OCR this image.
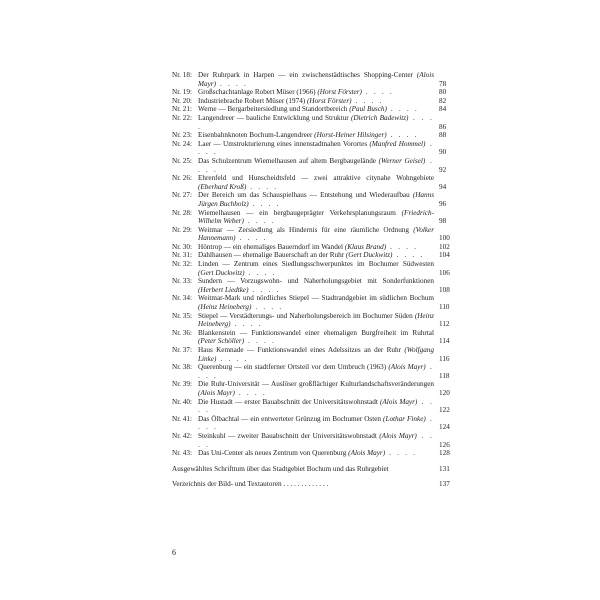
Nr. 18: Der Ruhrpark in Harpen — ein zwischenstädtisches Shopping-Center (Alois Mayr) . . . .	78
Nr. 19: Großschachtanlage Robert Müser (1966) (Horst Förster) . . . .	80
Nr. 20: Industriebrache Robert Müser (1974) (Horst Förster) . . . .	82
Nr. 21: Werne — Bergarbeitersiedlung und Standortbereich (Paul Busch) . . . .	84
Nr. 22: Langendreer — bauliche Entwicklung und Struktur (Dietrich Badewitz) . . . .	86
Nr. 23: Eisenbahnknoten Bochum-Langendreer (Horst-Heiner Hilsinger) . . . .	88
Nr. 24: Laer — Umstrukturierung eines innenstadtnahen Vorortes (Manfred Hommel) . . . .	90
Nr. 25: Das Schulzentrum Wiemelhausen auf altem Bergbaugelände (Werner Geisel) . . . .	92
Nr. 26: Ehrenfeld und Hunscheidtsfeld — zwei attraktive citynahe Wohngebiete (Eberhard Kroß) . . . .	94
Nr. 27: Der Bereich um das Schauspielhaus — Entstehung und Wiederaufbau (Hanns Jürgen Buchholz) . . . .	96
Nr. 28: Wiemelhausen — ein bergbaugeprägter Verkehrsplanungsraum (Friedrich-Wilhelm Weber) . . . .	98
Nr. 29: Weitmar — Zersiedlung als Hindernis für eine räumliche Ordnung (Volker Hannemann) . . . .	100
Nr. 30: Höntrop — ein ehemaliges Bauerndorf im Wandel (Klaus Brand) . . . .	102
Nr. 31: Dahlhausen — ehemalige Bauerschaft an der Ruhr (Gert Duckwitz) . . . .	104
Nr. 32: Linden — Zentrum eines Siedlungsschwerpunktes im Bochumer Südwesten (Gert Duckwitz) . . . .	106
Nr. 33: Sundern — Vorzugswohn- und Naherholungsgebiet mit Sonderfunktionen (Herbert Liedtke) . . . .	108
Nr. 34: Weitmar-Mark und nördliches Stiepel — Stadtrandgebiet im südlichen Bochum (Heinz Heineberg) . . . .	110
Nr. 35: Stiepel — Verstädterungs- und Naherholungsbereich im Bochumer Süden (Heinz Heineberg) . . . .	112
Nr. 36: Blankenstein — Funktionswandel einer ehemaligen Burgfreiheit im Ruhrtal (Peter Schöller) . . . .	114
Nr. 37: Haus Kemnade — Funktionswandel eines Adelssitzes an der Ruhr (Wolfgang Linke) . . . .	116
Nr. 38: Querenburg — ein stadtferner Ortsteil vor dem Umbruch (1963) (Alois Mayr) . . . .	118
Nr. 39: Die Ruhr-Universität — Auslöser großflächiger Kulturlandschaftsveränderungen (Alois Mayr) . . . .	120
Nr. 40: Die Hustadt — erster Bauabschnitt der Universitätswohnstadt (Alois Mayr) . . . .	122
Nr. 41: Das Ölbachtal — ein entwerteter Grünzug im Bochumer Osten (Lothar Finke) . . . .	124
Nr. 42: Steinkuhl — zweiter Bauabschnitt der Universitätswohnstadt (Alois Mayr) . . . .	126
Nr. 43: Das Uni-Center als neues Zentrum von Querenburg (Alois Mayr) . . . .	128
Ausgewähltes Schrifttum über das Stadtgebiet Bochum und das Ruhrgebiet	131
Verzeichnis der Bild- und Textautoren . . . . . . . . . . . . .	137
6
